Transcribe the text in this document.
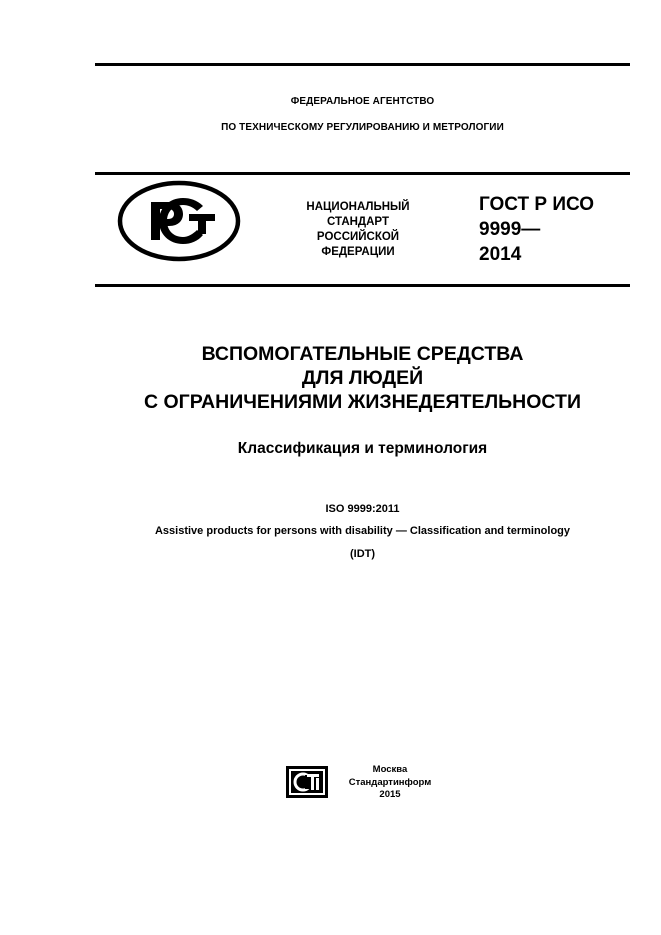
ФЕДЕРАЛЬНОЕ АГЕНТСТВО
ПО ТЕХНИЧЕСКОМУ РЕГУЛИРОВАНИЮ И МЕТРОЛОГИИ
НАЦИОНАЛЬНЫЙ
СТАНДАРТ
РОССИЙСКОЙ
ФЕДЕРАЦИИ
ГОСТ Р ИСО
9999—
2014
ВСПОМОГАТЕЛЬНЫЕ СРЕДСТВА
ДЛЯ ЛЮДЕЙ
С ОГРАНИЧЕНИЯМИ ЖИЗНЕДЕЯТЕЛЬНОСТИ
Классификация и терминология
ISO 9999:2011
Assistive products for persons with disability — Classification and terminology
(IDT)
Москва
Стандартинформ
2015
